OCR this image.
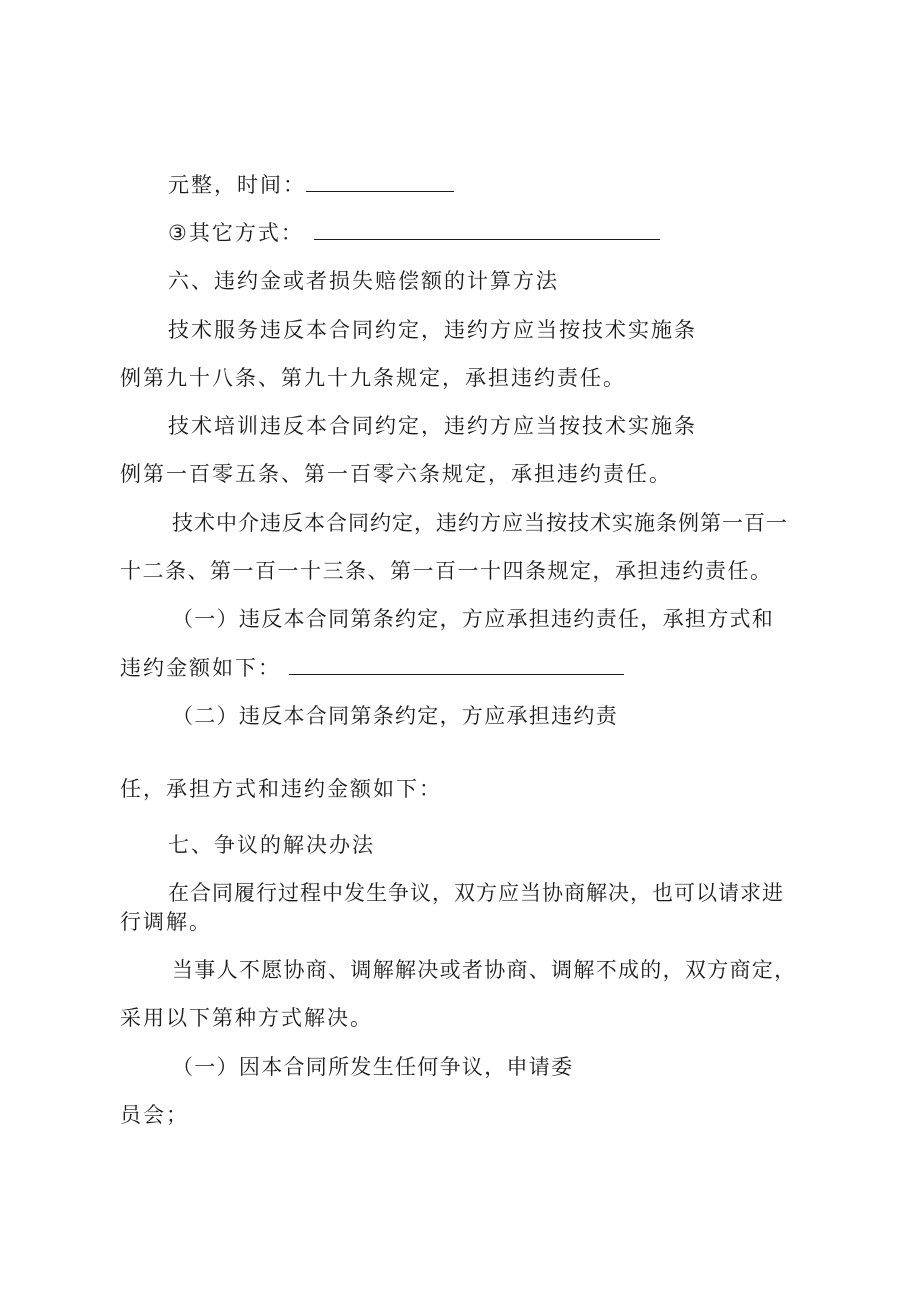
元整，时间：
③其它方式：
六、违约金或者损失赔偿额的计算方法
技术服务违反本合同约定，违约方应当按技术实施条
例第九十八条、第九十九条规定，承担违约责任。
技术培训违反本合同约定，违约方应当按技术实施条
例第一百零五条、第一百零六条规定，承担违约责任。
技术中介违反本合同约定，违约方应当按技术实施条例第一百一
十二条、第一百一十三条、第一百一十四条规定，承担违约责任。
（一）违反本合同第条约定，方应承担违约责任，承担方式和
违约金额如下：
（二）违反本合同第条约定，方应承担违约责
任，承担方式和违约金额如下：
七、争议的解决办法
在合同履行过程中发生争议，双方应当协商解决，也可以请求进
行调解。
当事人不愿协商、调解解决或者协商、调解不成的，双方商定，
采用以下第种方式解决。
（一）因本合同所发生任何争议，申请委
员会；
